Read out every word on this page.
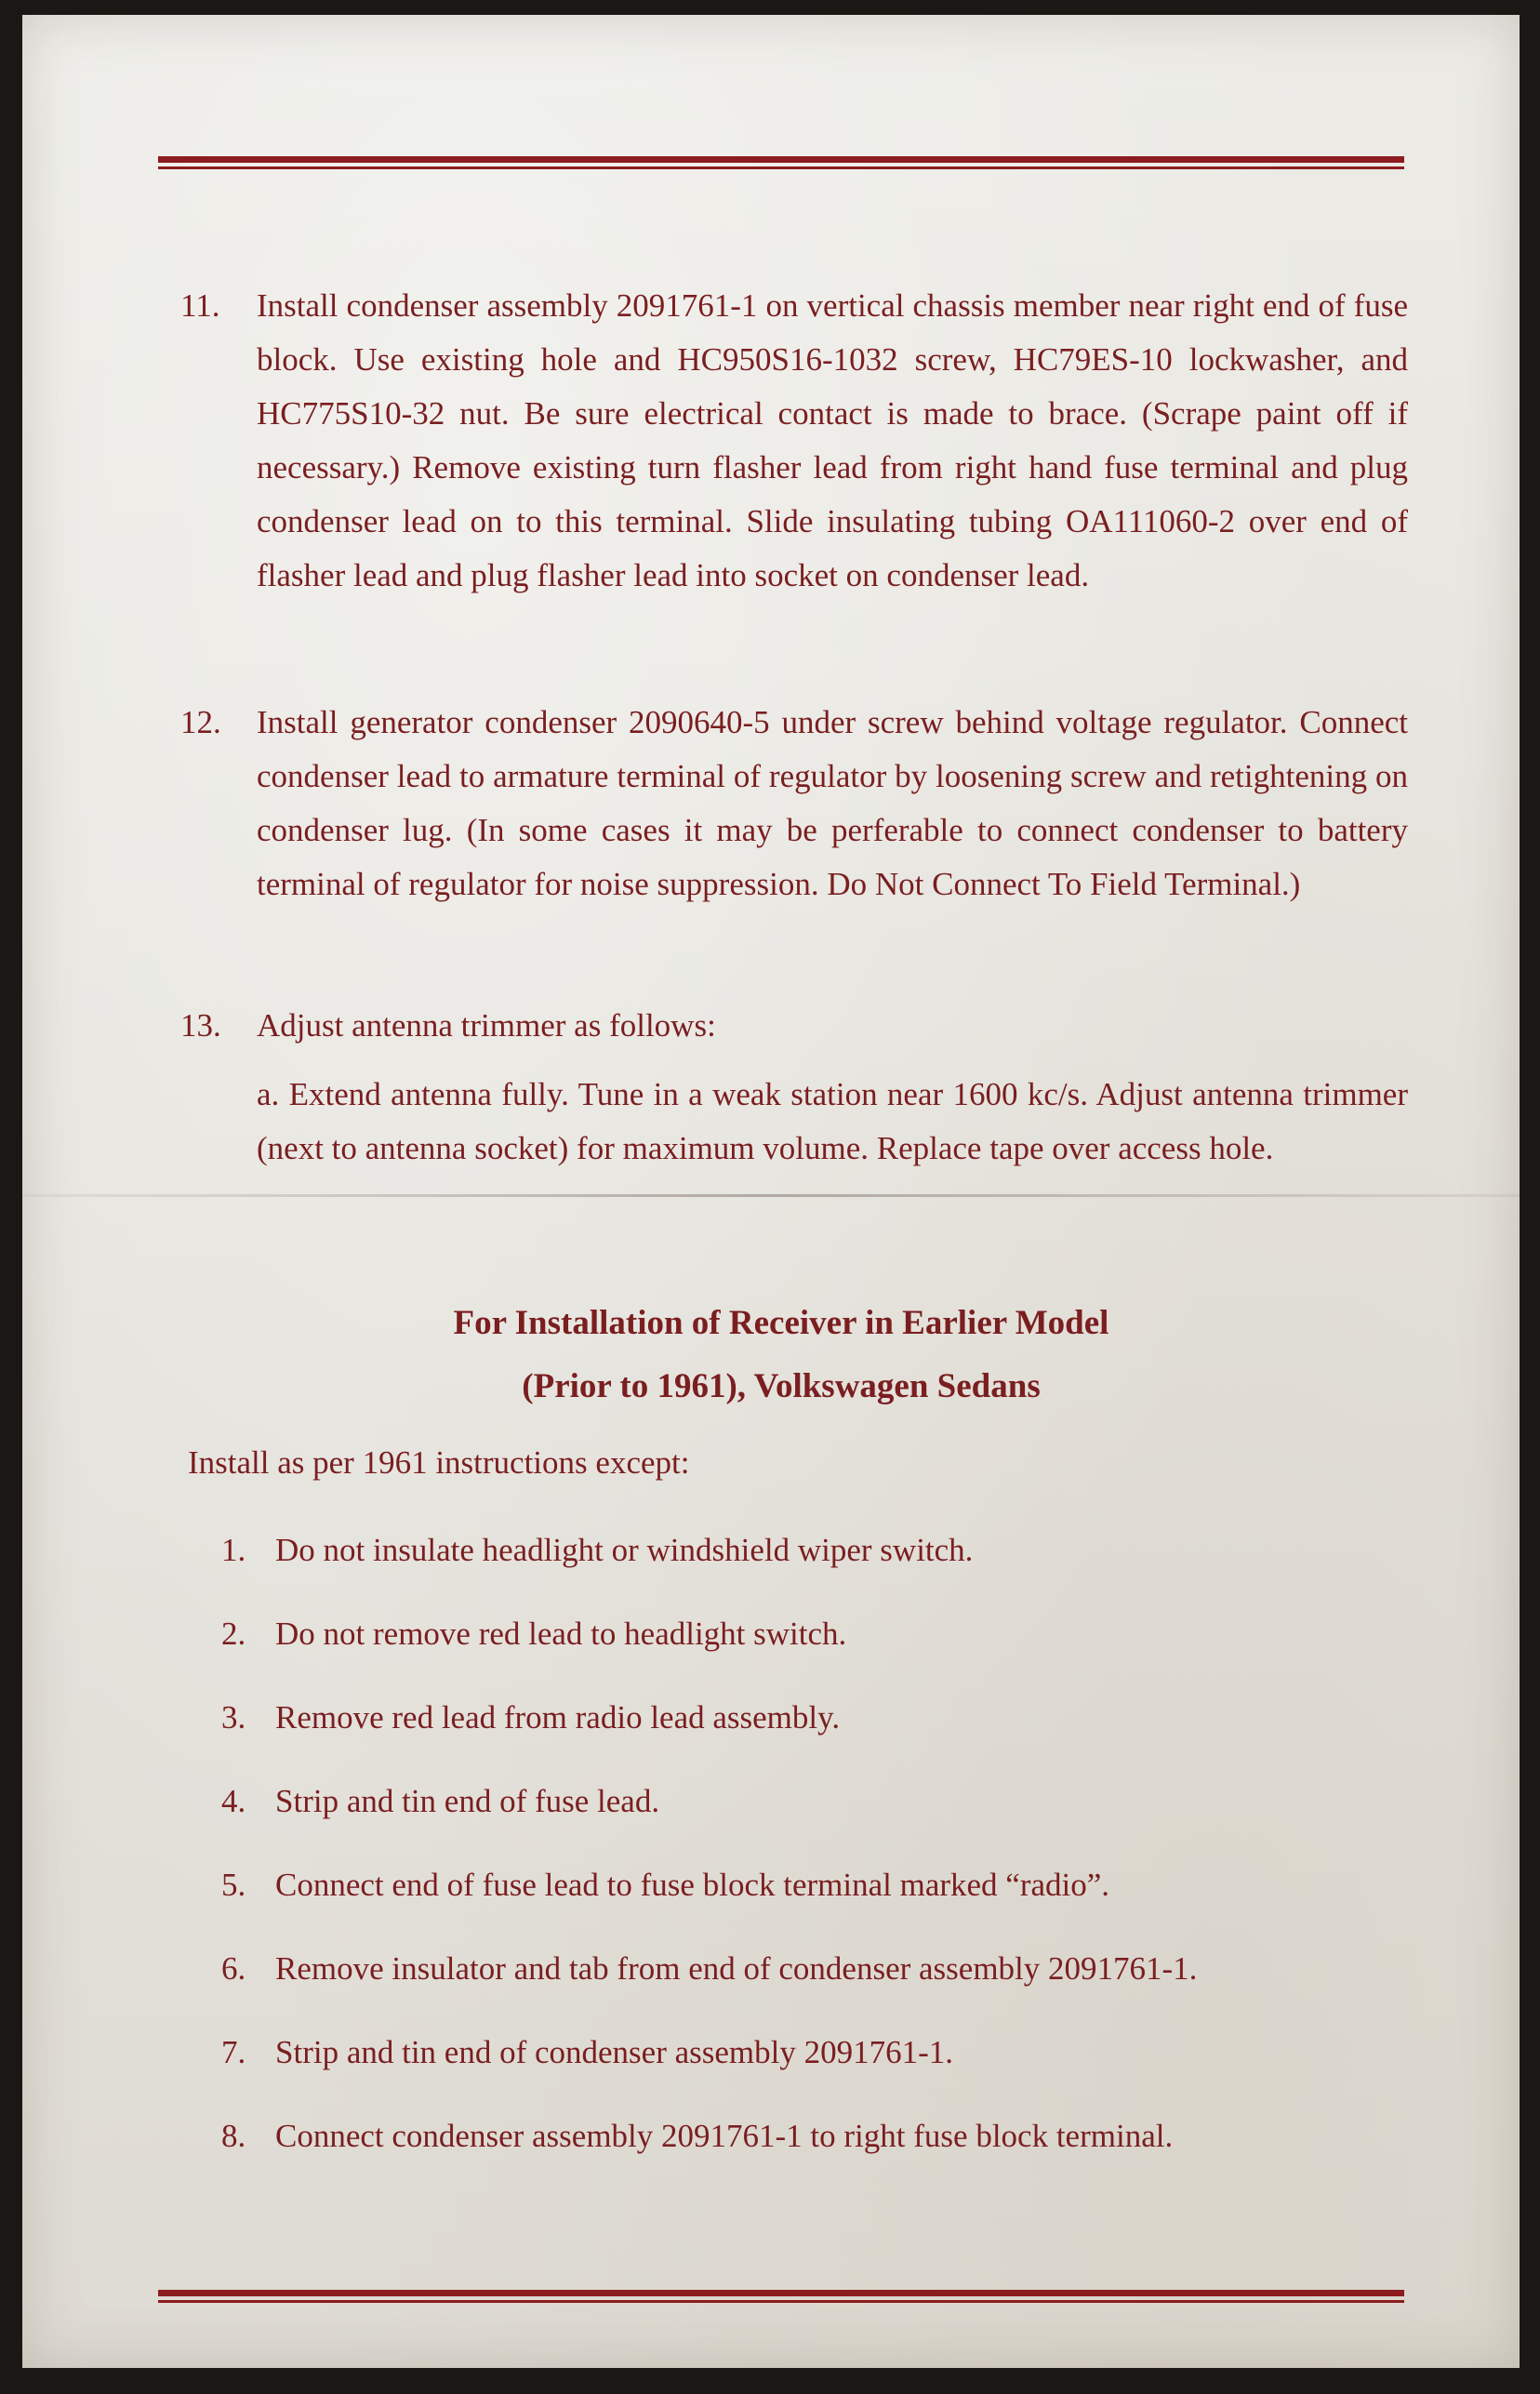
11.	Install condenser assembly 2091761-1 on vertical chassis member near right end of fuse block. Use existing hole and HC950S16-1032 screw, HC79ES-10 lockwasher, and HC775S10-32 nut. Be sure electrical contact is made to brace. (Scrape paint off if necessary.) Remove existing turn flasher lead from right hand fuse terminal and plug condenser lead on to this terminal. Slide insulating tubing OA111060-2 over end of flasher lead and plug flasher lead into socket on condenser lead.
12.	Install generator condenser 2090640-5 under screw behind voltage regulator. Connect condenser lead to armature terminal of regulator by loosening screw and retightening on condenser lug. (In some cases it may be perferable to connect condenser to battery terminal of regulator for noise suppression. Do Not Connect To Field Terminal.)
13.	Adjust antenna trimmer as follows:
a. Extend antenna fully. Tune in a weak station near 1600 kc/s. Adjust antenna trimmer (next to antenna socket) for maximum volume. Replace tape over access hole.
For Installation of Receiver in Earlier Model
(Prior to 1961), Volkswagen Sedans
Install as per 1961 instructions except:
1. Do not insulate headlight or windshield wiper switch.
2. Do not remove red lead to headlight switch.
3. Remove red lead from radio lead assembly.
4. Strip and tin end of fuse lead.
5. Connect end of fuse lead to fuse block terminal marked “radio”.
6. Remove insulator and tab from end of condenser assembly 2091761-1.
7. Strip and tin end of condenser assembly 2091761-1.
8. Connect condenser assembly 2091761-1 to right fuse block terminal.
